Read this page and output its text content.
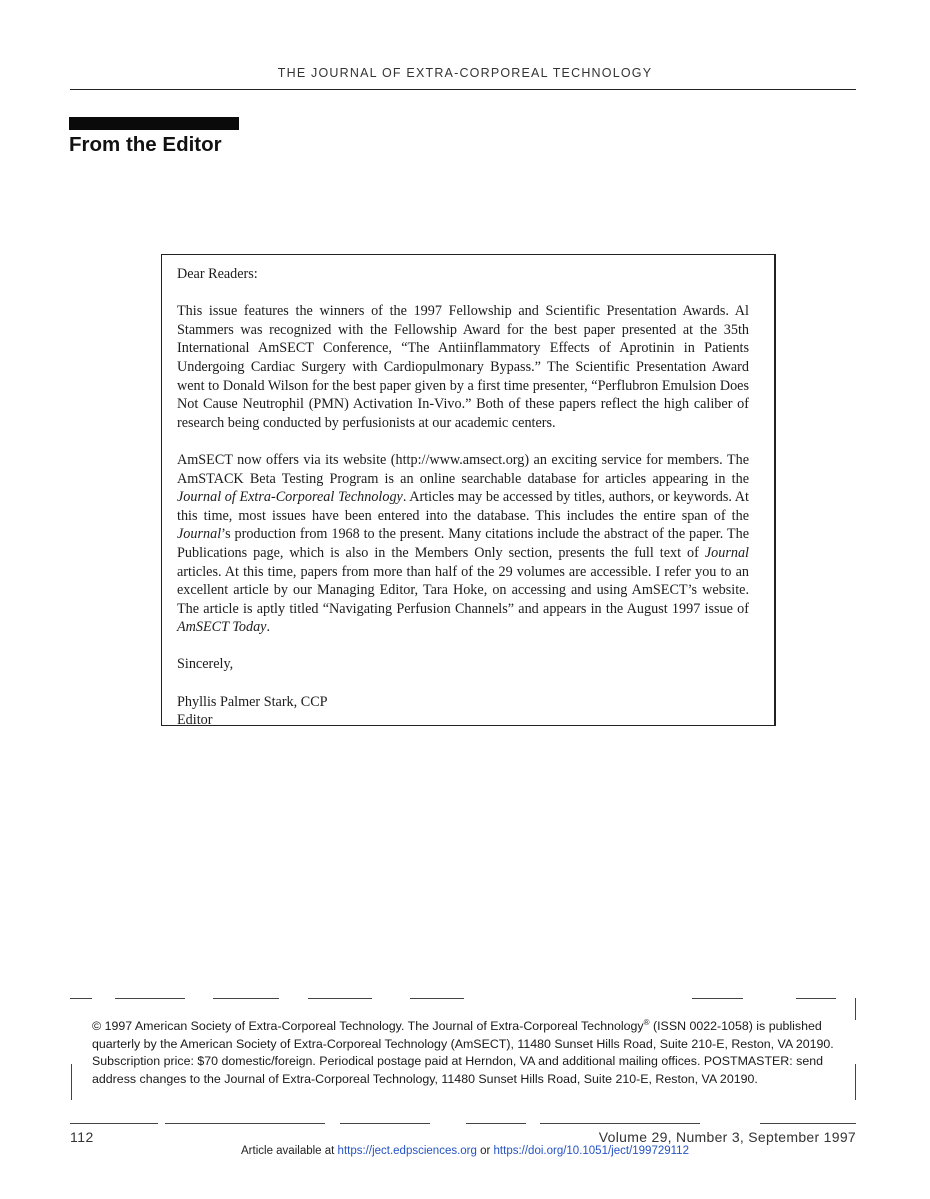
THE JOURNAL OF EXTRA-CORPOREAL TECHNOLOGY
From the Editor

Dear Readers:

This issue features the winners of the 1997 Fellowship and Scientific Presentation Awards. Al Stammers was recognized with the Fellowship Award for the best paper presented at the 35th International AmSECT Conference, “The Antiinflammatory Effects of Aprotinin in Patients Undergoing Cardiac Surgery with Cardiopulmonary Bypass.” The Scientific Presentation Award went to Donald Wilson for the best paper given by a first time presenter, “Perflubron Emulsion Does Not Cause Neutrophil (PMN) Activation In-Vivo.” Both of these papers reflect the high caliber of research being conducted by perfusionists at our academic centers.

AmSECT now offers via its website (http://www.amsect.org) an exciting service for members. The AmSTACK Beta Testing Program is an online searchable database for articles appearing in the Journal of Extra-Corporeal Technology. Articles may be accessed by titles, authors, or keywords. At this time, most issues have been entered into the database. This includes the entire span of the Journal’s production from 1968 to the present. Many citations include the abstract of the paper. The Publications page, which is also in the Members Only section, presents the full text of Journal articles. At this time, papers from more than half of the 29 volumes are accessible. I refer you to an excellent article by our Managing Editor, Tara Hoke, on accessing and using AmSECT’s website. The article is aptly titled “Navigating Perfusion Channels” and appears in the August 1997 issue of AmSECT Today.

Sincerely,

Phyllis Palmer Stark, CCP

Editor

© 1997 American Society of Extra-Corporeal Technology. The Journal of Extra-Corporeal Technology® (ISSN 0022-1058) is published quarterly by the American Society of Extra-Corporeal Technology (AmSECT), 11480 Sunset Hills Road, Suite 210-E, Reston, VA 20190. Subscription price: $70 domestic/foreign. Periodical postage paid at Herndon, VA and additional mailing offices. POSTMASTER: send address changes to the Journal of Extra-Corporeal Technology, 11480 Sunset Hills Road, Suite 210-E, Reston, VA 20190.
112	Volume 29, Number 3, September 1997
Article available at https://ject.edpsciences.org or https://doi.org/10.1051/ject/199729112
